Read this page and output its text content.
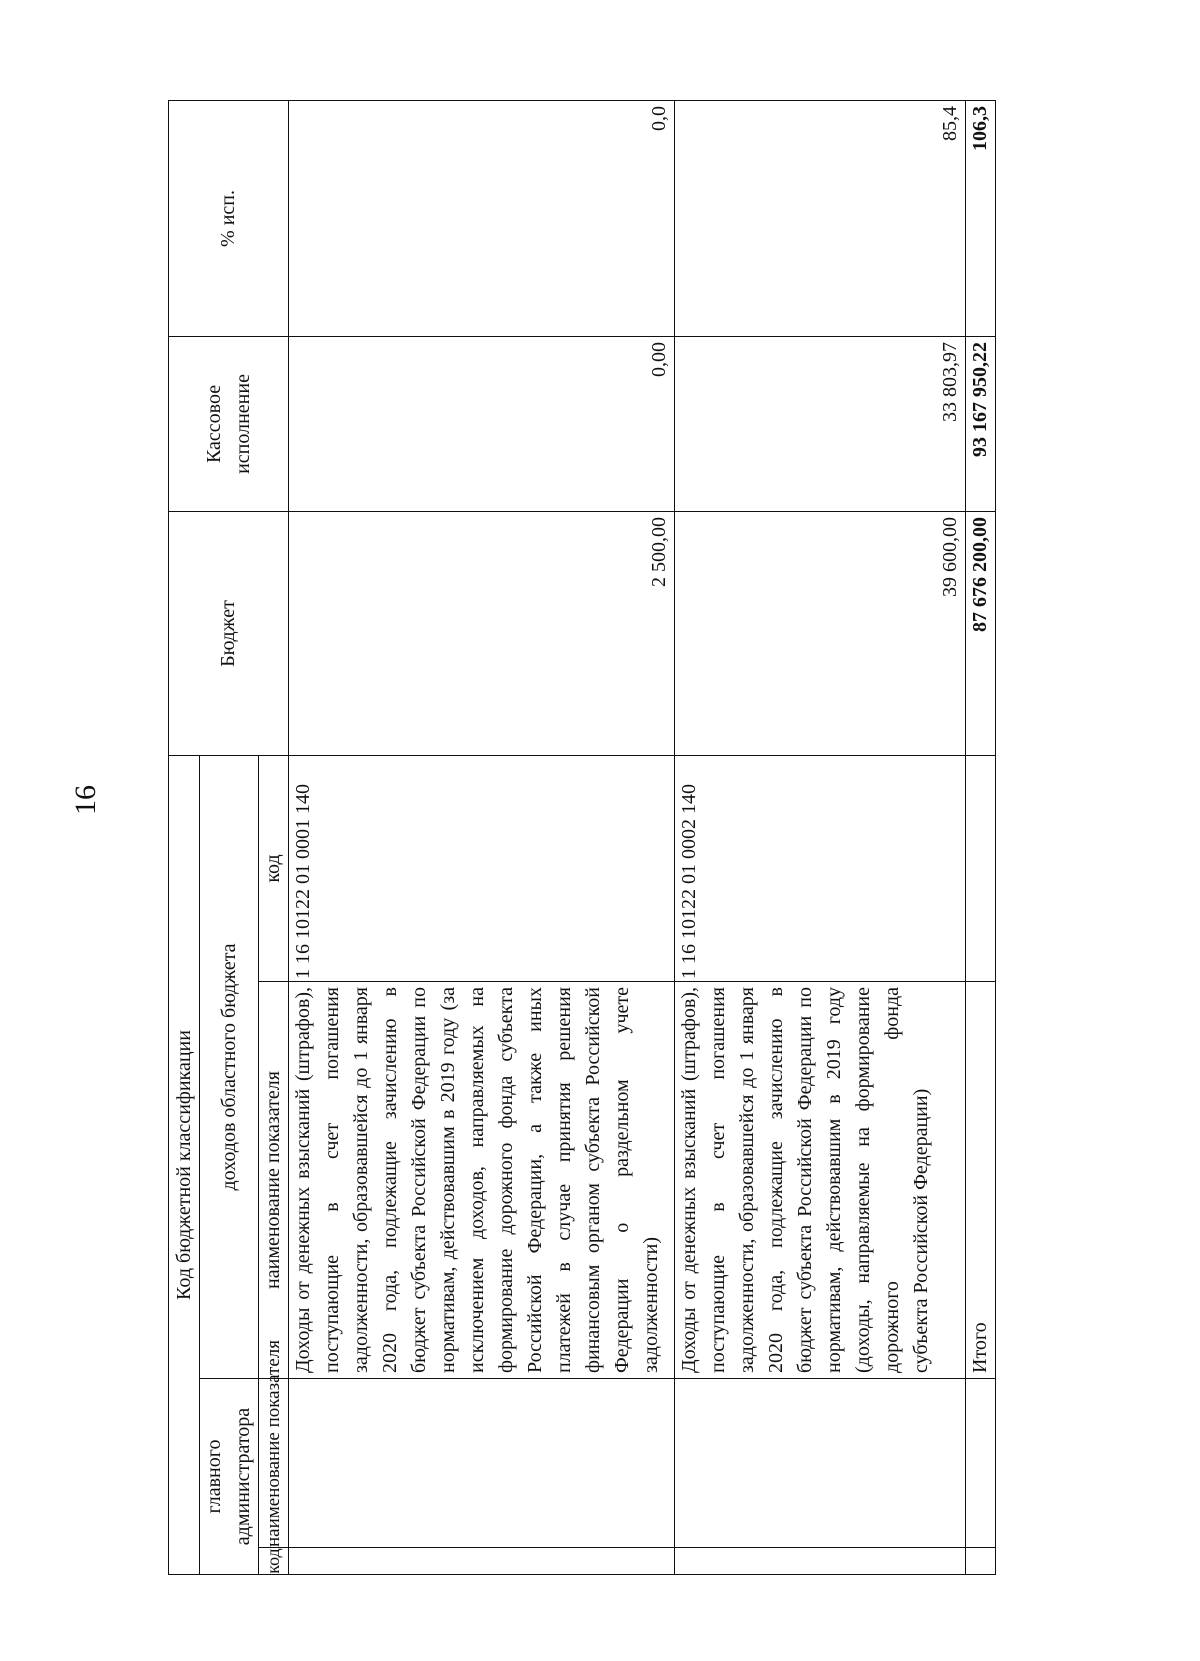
16
Код бюджетной классификации				Бюджет	Кассовое исполнение	% исп.
главного администратора		доходов областного бюджета				
код	наименование показателя	наименование показателя	код			
		Доходы от денежных взысканий (штрафов), поступающие в счет погашения задолженности, образовавшейся до 1 января 2020 года, подлежащие зачислению в бюджет субъекта Российской Федерации по нормативам, действовавшим в 2019 году (за исключением доходов, направляемых на формирование дорожного фонда субъекта Российской Федерации, а также иных платежей в случае принятия решения финансовым органом субъекта Российской Федерации о раздельном учете задолженности)	1 16 10122 01 0001 140	2 500,00	0,00	0,0
		Доходы от денежных взысканий (штрафов), поступающие в счет погашения задолженности, образовавшейся до 1 января 2020 года, подлежащие зачислению в бюджет субъекта Российской Федерации по нормативам, действовавшим в 2019 году (доходы, направляемые на формирование дорожного фонда субъекта Российской Федерации)	1 16 10122 01 0002 140	39 600,00	33 803,97	85,4
		Итого		87 676 200,00	93 167 950,22	106,3
